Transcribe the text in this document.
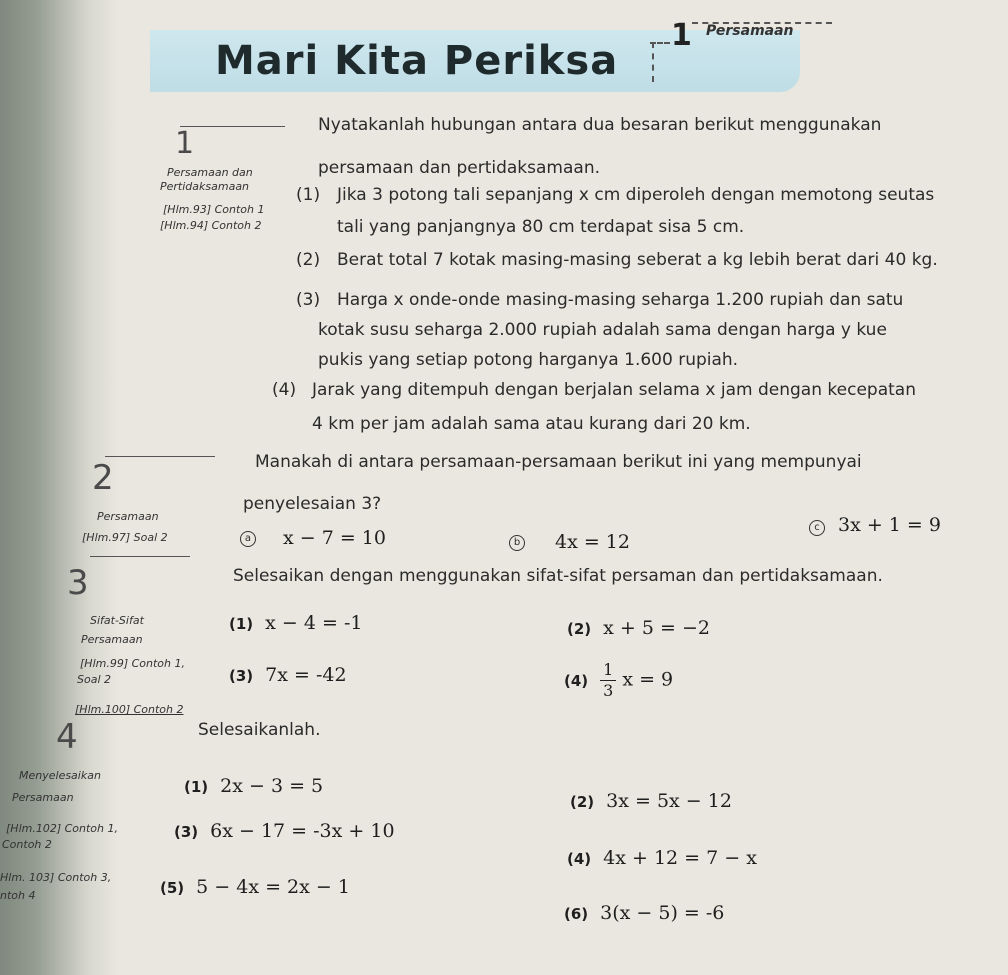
Mari Kita Periksa
1 Persamaan
1
Persamaan dan
Pertidaksamaan
[Hlm.93] Contoh 1
[Hlm.94] Contoh 2
Nyatakanlah hubungan antara dua besaran berikut menggunakan
persamaan dan pertidaksamaan.
(1) Jika 3 potong tali sepanjang x cm diperoleh dengan memotong seutas
tali yang panjangnya 80 cm terdapat sisa 5 cm.
(2) Berat total 7 kotak masing-masing seberat a kg lebih berat dari 40 kg.
(3) Harga x onde-onde masing-masing seharga 1.200 rupiah dan satu
kotak susu seharga 2.000 rupiah adalah sama dengan harga y kue
pukis yang setiap potong harganya 1.600 rupiah.
(4) Jarak yang ditempuh dengan berjalan selama x jam dengan kecepatan
4 km per jam adalah sama atau kurang dari 20 km.
2
Persamaan
[Hlm.97] Soal 2
Manakah di antara persamaan-persamaan berikut ini yang mempunyai
penyelesaian 3?
a x − 7 = 10	b 4x = 12
c 3x + 1 = 9
3
Sifat-Sifat
Persamaan
[Hlm.99] Contoh 1,
Soal 2
[Hlm.100] Contoh 2
Selesaikan dengan menggunakan sifat-sifat persaman dan pertidaksamaan.
(1) x − 4 = -1	(2) x + 5 = −2
(3) 7x = -42	$(4) \frac{1}{3}$ x = 9
4
Menyelesaikan
Persamaan
[Hlm.102] Contoh 1,
Contoh 2
Hlm. 103] Contoh 3,
ntoh 4
Selesaikanlah.
(1) 2x − 3 = 5
(2) 3x = 5x − 12
(3) 6x − 17 = -3x + 10
(4) 4x + 12 = 7 − x
(5) 5 − 4x = 2x − 1
(6) 3(x − 5) = -6
